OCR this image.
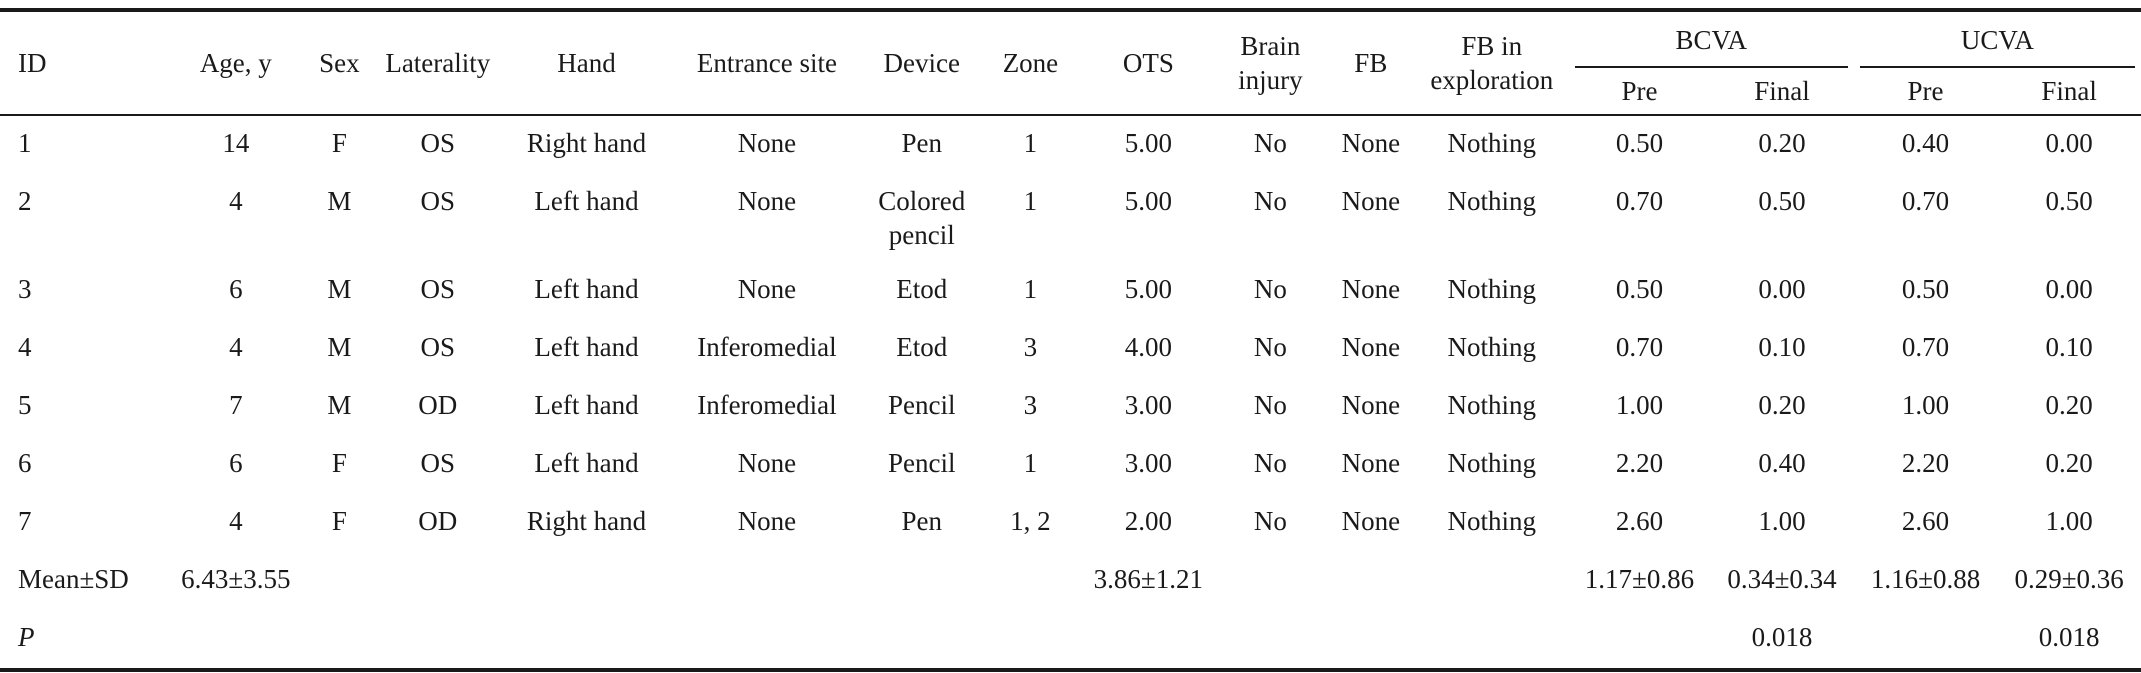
ID	Age, y	Sex	Laterality	Hand	Entrance site	Device	Zone	OTS	Brain injury	FB	FB in exploration	BCVA		UCVA	

												Pre	Final	Pre	Final
1	14	F	OS	Right hand	None	Pen	1	5.00	No	None	Nothing	0.50	0.20	0.40	0.00
2	4	M	OS	Left hand	None	Colored pencil	1	5.00	No	None	Nothing	0.70	0.50	0.70	0.50
3	6	M	OS	Left hand	None	Etod	1	5.00	No	None	Nothing	0.50	0.00	0.50	0.00
4	4	M	OS	Left hand	Inferomedial	Etod	3	4.00	No	None	Nothing	0.70	0.10	0.70	0.10
5	7	M	OD	Left hand	Inferomedial	Pencil	3	3.00	No	None	Nothing	1.00	0.20	1.00	0.20
6	6	F	OS	Left hand	None	Pencil	1	3.00	No	None	Nothing	2.20	0.40	2.20	0.20
7	4	F	OD	Right hand	None	Pen	1, 2	2.00	No	None	Nothing	2.60	1.00	2.60	1.00
Mean±SD	6.43±3.55							3.86±1.21				1.17±0.86	0.34±0.34	1.16±0.88	0.29±0.36
P													0.018		0.018
